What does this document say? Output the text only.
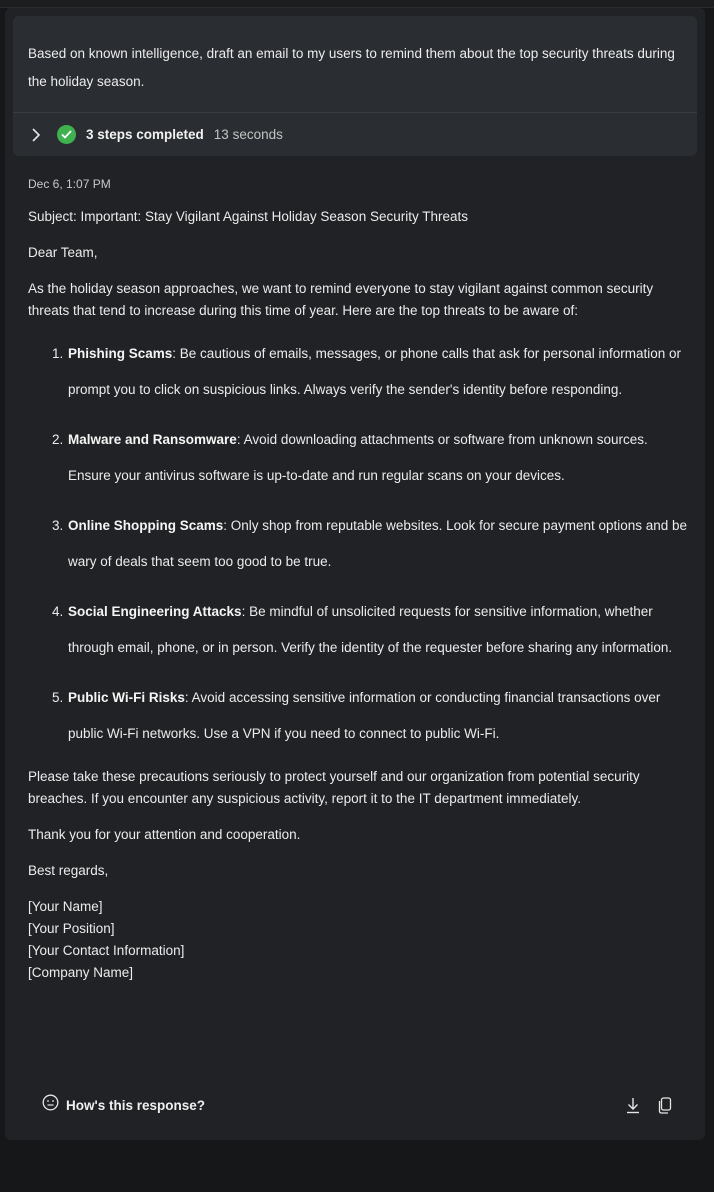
Based on known intelligence, draft an email to my users to remind them about the top security threats during the holiday season.

3 steps completed 13 seconds
Dec 6, 1:07 PM

Subject: Important: Stay Vigilant Against Holiday Season Security Threats

Dear Team,

As the holiday season approaches, we want to remind everyone to stay vigilant against common security threats that tend to increase during this time of year. Here are the top threats to be aware of:

1. Phishing Scams: Be cautious of emails, messages, or phone calls that ask for personal information or prompt you to click on suspicious links. Always verify the sender's identity before responding.
2. Malware and Ransomware: Avoid downloading attachments or software from unknown sources. Ensure your antivirus software is up-to-date and run regular scans on your devices.
3. Online Shopping Scams: Only shop from reputable websites. Look for secure payment options and be wary of deals that seem too good to be true.
4. Social Engineering Attacks: Be mindful of unsolicited requests for sensitive information, whether through email, phone, or in person. Verify the identity of the requester before sharing any information.
5. Public Wi-Fi Risks: Avoid accessing sensitive information or conducting financial transactions over public Wi-Fi networks. Use a VPN if you need to connect to public Wi-Fi.

Please take these precautions seriously to protect yourself and our organization from potential security breaches. If you encounter any suspicious activity, report it to the IT department immediately.

Thank you for your attention and cooperation.

Best regards,

[Your Name]

[Your Position]

[Your Contact Information]

[Company Name]

How's this response?
